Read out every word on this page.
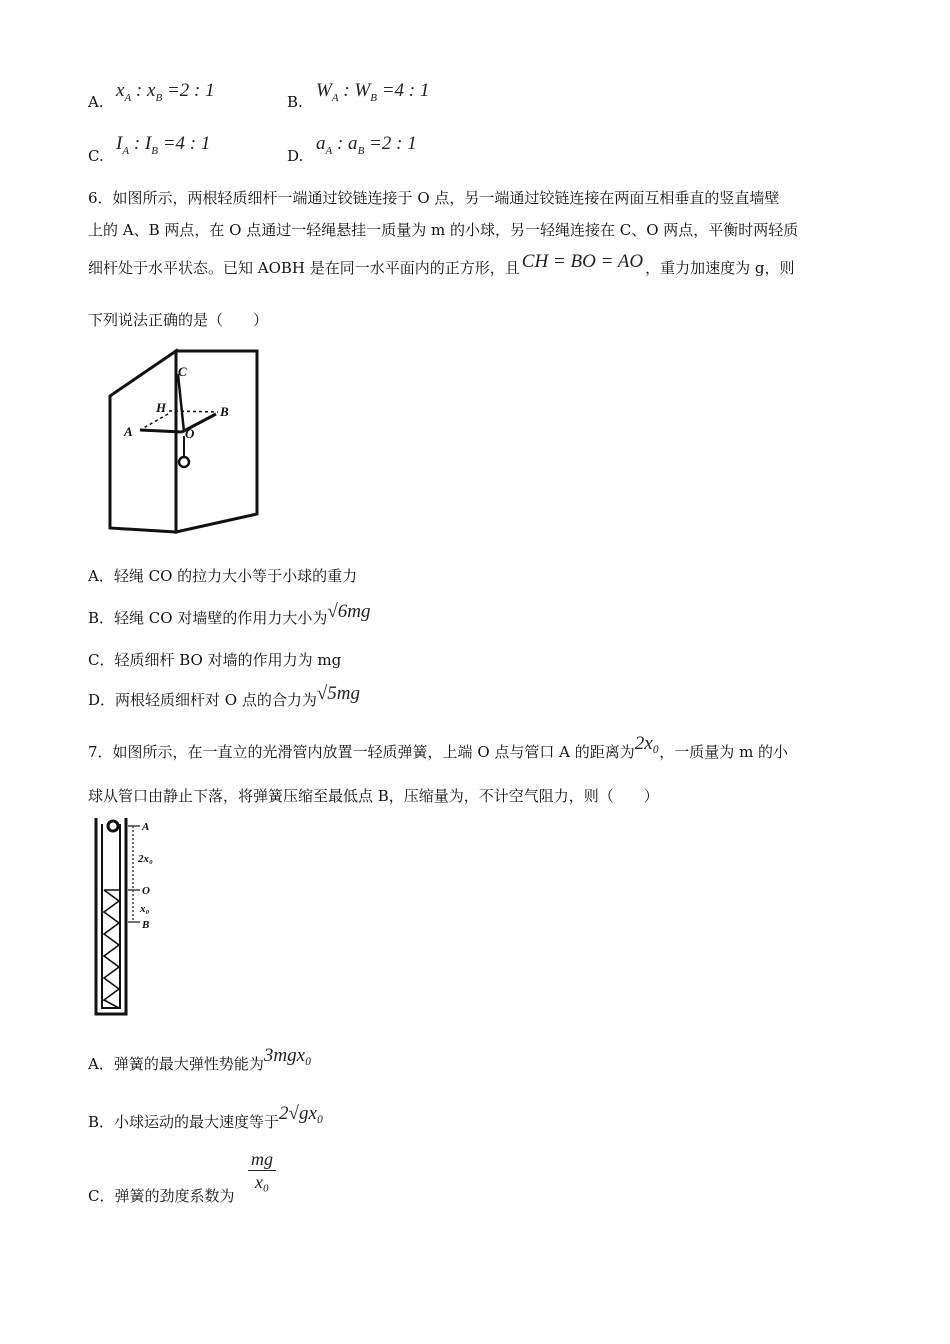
A.
$x_A$ : $x_B =2$ : 1
B.
$W_A$ : $W_B =4$ : 1
C.
$I_A$ : $I_B =4$ : 1
D.
$a_A$ : $a_B =2$ : 1
6．如图所示，两根轻质细杆一端通过铰链连接于 O 点，另一端通过铰链连接在两面互相垂直的竖直墙壁
上的 A、B 两点，在 O 点通过一轻绳悬挂一质量为 m 的小球，另一轻绳连接在 C、O 两点，平衡时两轻质
细杆处于水平状态。已知 AOBH 是在同一水平面内的正方形，且 CH = BO = AO ，重力加速度为 g，则
下列说法正确的是（　　）
C
H	B
A	O
A．轻绳 CO 的拉力大小等于小球的重力
B．轻绳 CO 对墙壁的作用力大小为√6mg
C．轻质细杆 BO 对墙的作用力为 mg
D．两根轻质细杆对 O 点的合力为√5mg
7．如图所示，在一直立的光滑管内放置一轻质弹簧，上端 O 点与管口 A 的距离为2x₀，一质量为 m 的小
球从管口由静止下落，将弹簧压缩至最低点 B，压缩量为，不计空气阻力，则（　　）
A
2x₀
O
x₀
B
A．弹簧的最大弹性势能为3mgx₀
B．小球运动的最大速度等于2√gx₀
C．弹簧的劲度系数为
$\frac{mg}{\text{x₀}}$
